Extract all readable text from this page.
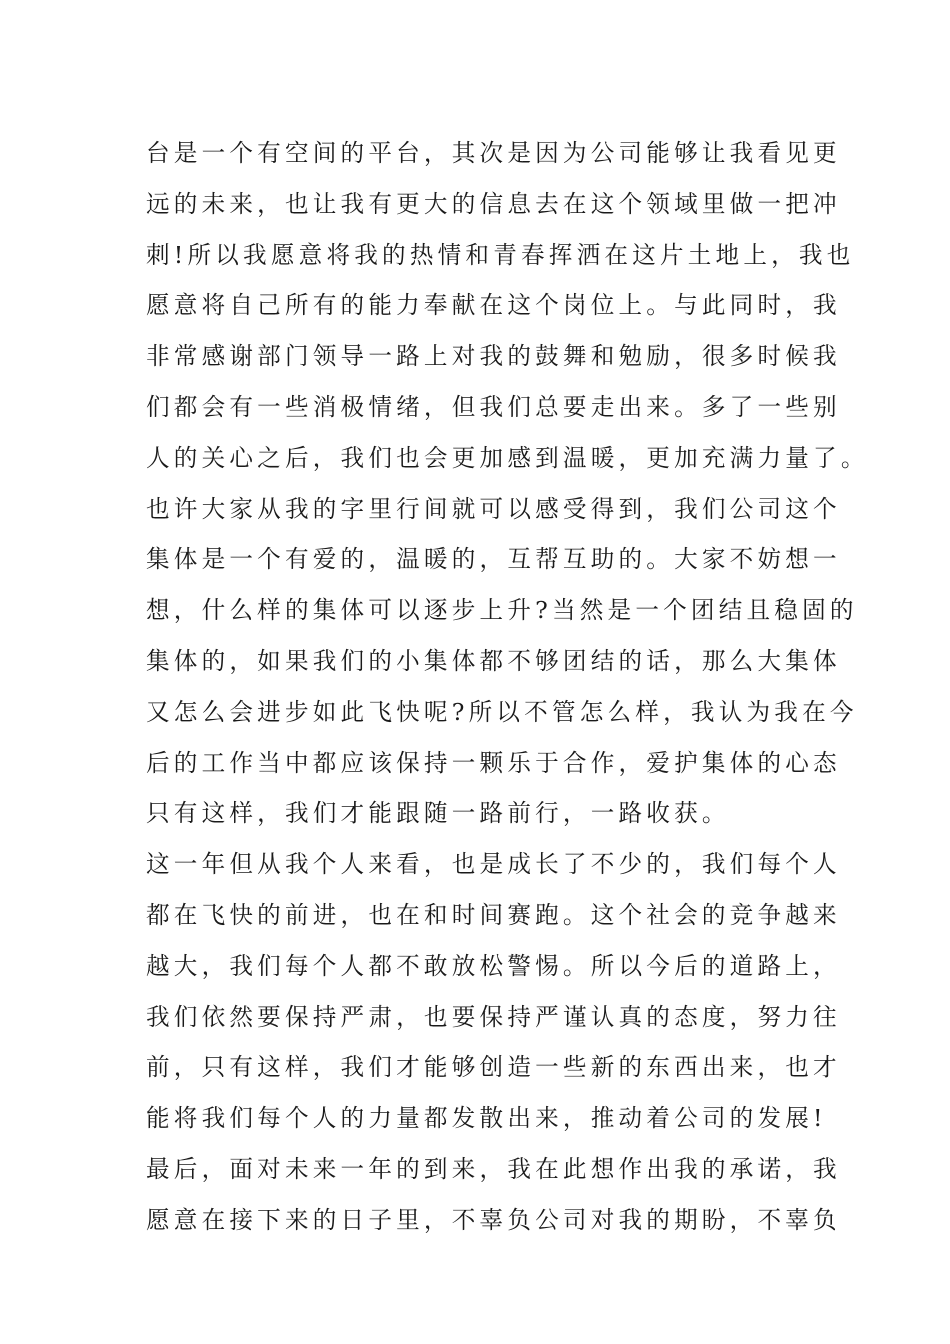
台是一个有空间的平台，其次是因为公司能够让我看见更
远的未来，也让我有更大的信息去在这个领域里做一把冲
刺!所以我愿意将我的热情和青春挥洒在这片土地上，我也
愿意将自己所有的能力奉献在这个岗位上。与此同时，我
非常感谢部门领导一路上对我的鼓舞和勉励，很多时候我
们都会有一些消极情绪，但我们总要走出来。多了一些别
人的关心之后，我们也会更加感到温暖，更加充满力量了。
也许大家从我的字里行间就可以感受得到，我们公司这个
集体是一个有爱的，温暖的，互帮互助的。大家不妨想一
想，什么样的集体可以逐步上升?当然是一个团结且稳固的
集体的，如果我们的小集体都不够团结的话，那么大集体
又怎么会进步如此飞快呢?所以不管怎么样，我认为我在今
后的工作当中都应该保持一颗乐于合作，爱护集体的心态
只有这样，我们才能跟随一路前行，一路收获。
这一年但从我个人来看，也是成长了不少的，我们每个人
都在飞快的前进，也在和时间赛跑。这个社会的竞争越来
越大，我们每个人都不敢放松警惕。所以今后的道路上，
我们依然要保持严肃，也要保持严谨认真的态度，努力往
前，只有这样，我们才能够创造一些新的东西出来，也才
能将我们每个人的力量都发散出来，推动着公司的发展!
最后，面对未来一年的到来，我在此想作出我的承诺，我
愿意在接下来的日子里，不辜负公司对我的期盼，不辜负
